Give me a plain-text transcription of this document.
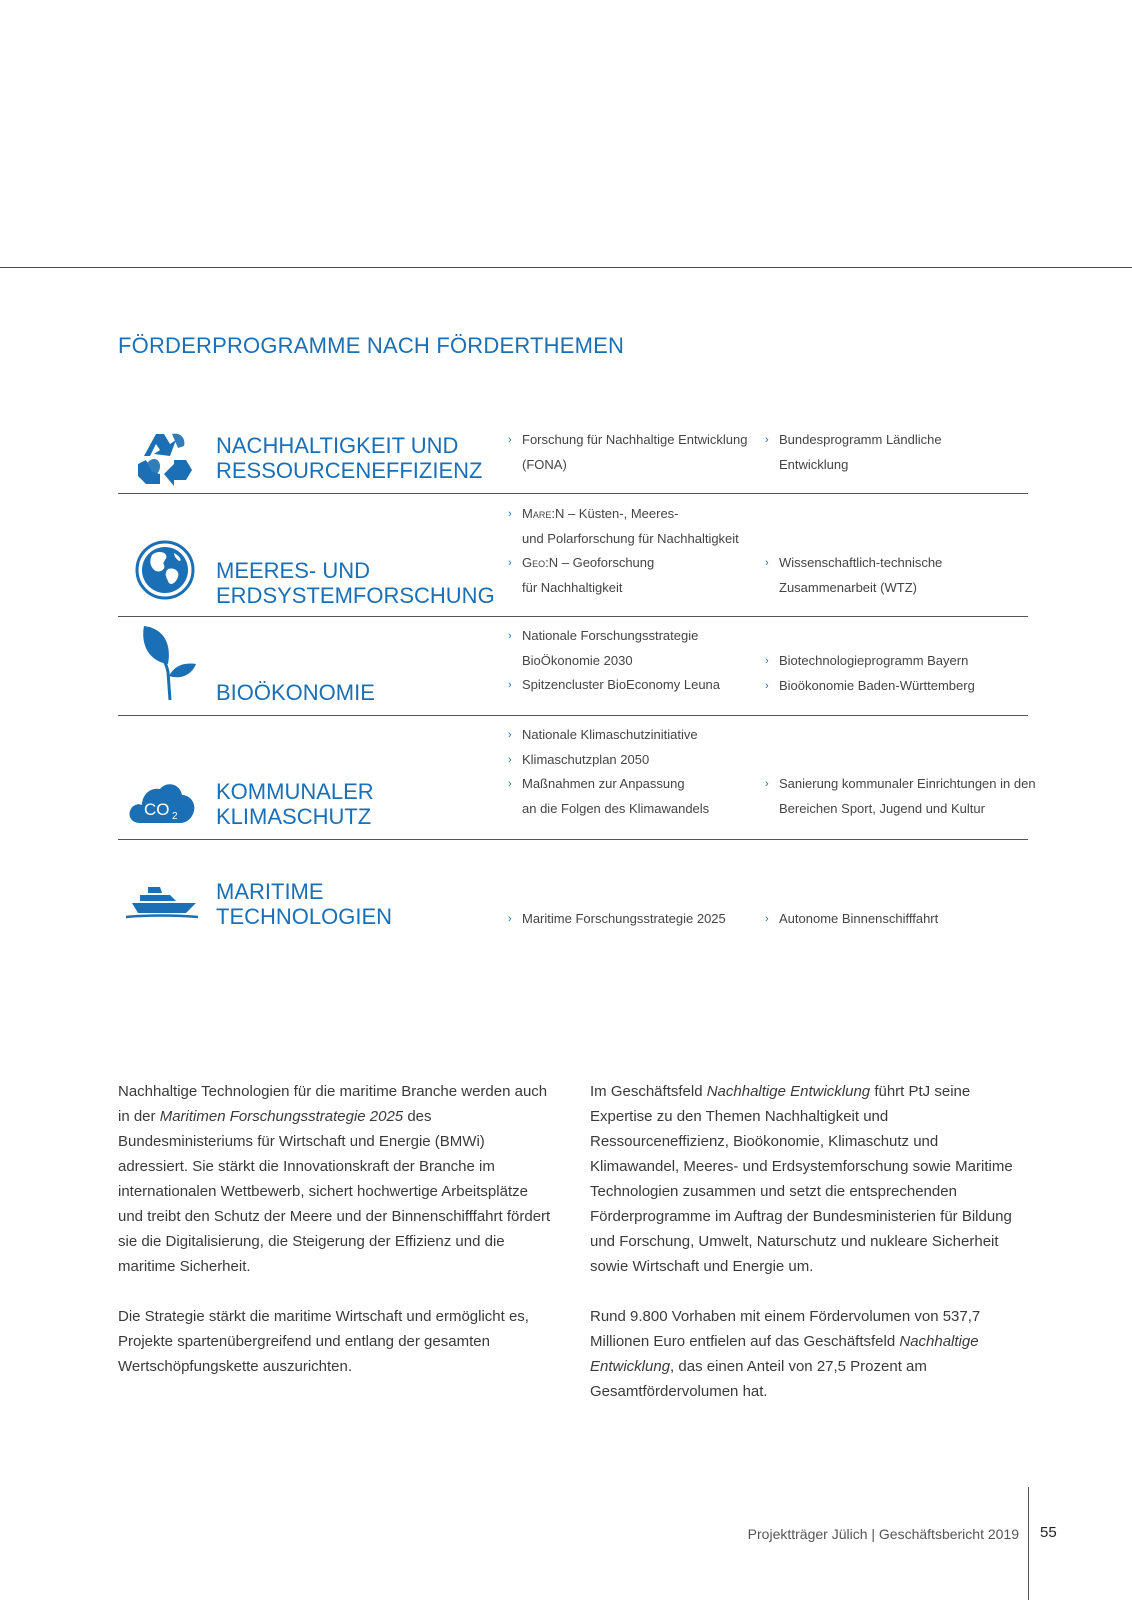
FÖRDERPROGRAMME NACH FÖRDERTHEMEN
NACHHALTIGKEIT UND
RESSOURCENEFFIZIENZ
› Forschung für Nachhaltige Entwicklung
(FONA)
› Bundesprogramm Ländliche
Entwicklung
MEERES- UND
ERDSYSTEMFORSCHUNG
› Mare:N – Küsten-, Meeres-
und Polarforschung für Nachhaltigkeit
› Geo:N – Geoforschung
für Nachhaltigkeit
› Wissenschaftlich-technische
Zusammenarbeit (WTZ)
BIOÖKONOMIE
› Nationale Forschungsstrategie
BioÖkonomie 2030
› Spitzencluster BioEconomy Leuna
› Biotechnologieprogramm Bayern
› Bioökonomie Baden-Württemberg
CO 2
KOMMUNALER
KLIMASCHUTZ
› Nationale Klimaschutzinitiative
› Klimaschutzplan 2050
› Maßnahmen zur Anpassung
an die Folgen des Klimawandels
› Sanierung kommunaler Einrichtungen in den
Bereichen Sport, Jugend und Kultur
MARITIME
TECHNOLOGIEN	› Maritime Forschungsstrategie 2025	› Autonome Binnenschifffahrt

Nachhaltige Technologien für die maritime Branche werden auch in der Maritimen Forschungsstrategie 2025 des Bundesministeriums für Wirtschaft und Energie (BMWi) adressiert. Sie stärkt die Innovationskraft der Branche im internationalen Wettbewerb, sichert hochwertige Arbeitsplätze und treibt den Schutz der Meere und der Binnenschifffahrt fördert sie die Digitalisierung, die Steigerung der Effizienz und die maritime Sicherheit.

Die Strategie stärkt die maritime Wirtschaft und ermöglicht es, Projekte spartenübergreifend und entlang der gesamten Wertschöpfungskette auszurichten.

Im Geschäftsfeld Nachhaltige Entwicklung führt PtJ seine Expertise zu den Themen Nachhaltigkeit und Ressourceneffizienz, Bioökonomie, Klimaschutz und Klimawandel, Meeres- und Erdsystemforschung sowie Maritime Technologien zusammen und setzt die entsprechenden Förderprogramme im Auftrag der Bundesministerien für Bildung und Forschung, Umwelt, Naturschutz und nukleare Sicherheit sowie Wirtschaft und Energie um.

Rund 9.800 Vorhaben mit einem Fördervolumen von 537,7 Millionen Euro entfielen auf das Geschäftsfeld Nachhaltige Entwicklung, das einen Anteil von 27,5 Prozent am Gesamtfördervolumen hat.

Projektträger Jülich | Geschäftsbericht 2019 55
